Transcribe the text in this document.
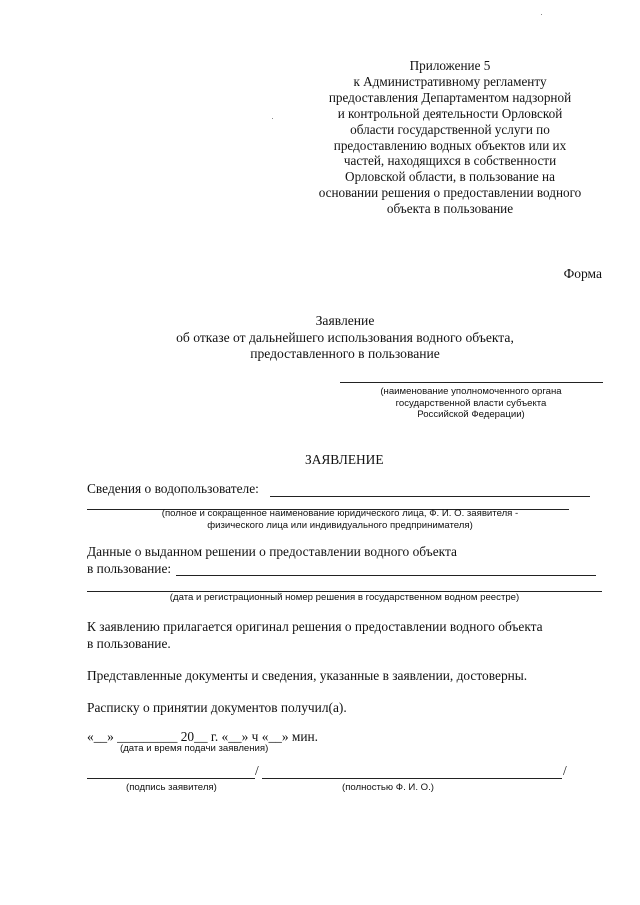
Приложение 5
к Административному регламенту
предоставления Департаментом надзорной
и контрольной деятельности Орловской
области государственной услуги по
предоставлению водных объектов или их
частей, находящихся в собственности
Орловской области, в пользование на
основании решения о предоставлении водного
объекта в пользование
Форма
Заявление
об отказе от дальнейшего использования водного объекта,
предоставленного в пользование
(наименование уполномоченного органа
государственной власти субъекта
Российской Федерации)
ЗАЯВЛЕНИЕ
Сведения о водопользователе:
(полное и сокращенное наименование юридического лица, Ф. И. О. заявителя -
физического лица или индивидуального предпринимателя)
Данные о выданном решении о предоставлении водного объекта
в пользование:
(дата и регистрационный номер решения в государственном водном реестре)
К заявлению прилагается оригинал решения о предоставлении водного объекта
в пользование.
Представленные документы и сведения, указанные в заявлении, достоверны.
Расписку о принятии документов получил(а).
«__» _________ 20__ г. «__» ч «__» мин.
(дата и время подачи заявления)
/	/
(подпись заявителя)	(полностью Ф. И. О.)
